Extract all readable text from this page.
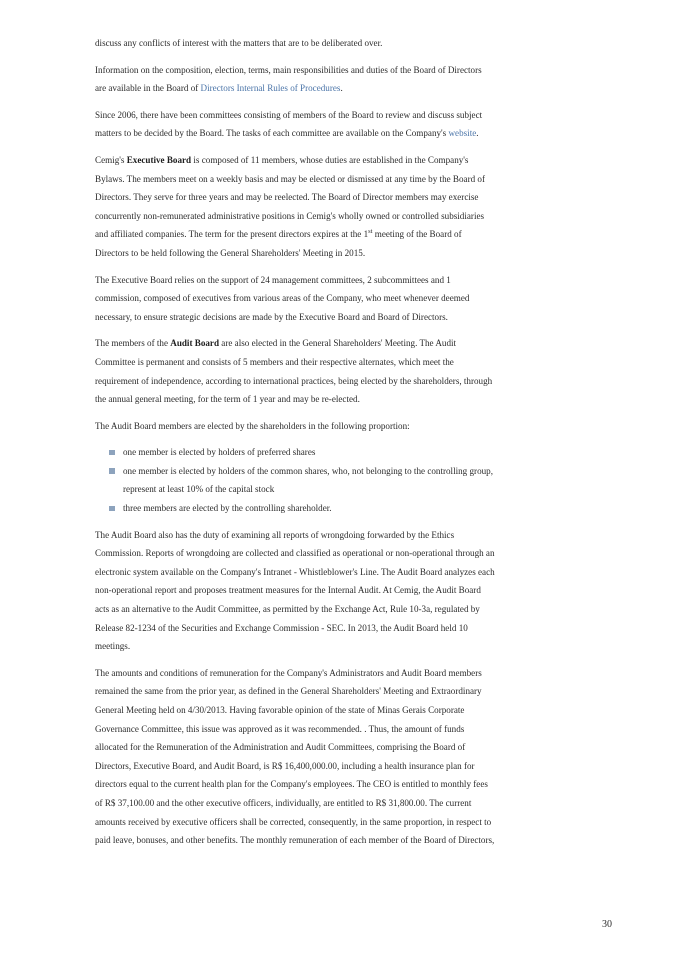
discuss any conflicts of interest with the matters that are to be deliberated over.

Information on the composition, election, terms, main responsibilities and duties of the Board of Directors are available in the Board of Directors Internal Rules of Procedures.

Since 2006, there have been committees consisting of members of the Board to review and discuss subject matters to be decided by the Board. The tasks of each committee are available on the Company's website.

Cemig's Executive Board is composed of 11 members, whose duties are established in the Company's Bylaws. The members meet on a weekly basis and may be elected or dismissed at any time by the Board of Directors. They serve for three years and may be reelected. The Board of Director members may exercise concurrently non-remunerated administrative positions in Cemig's wholly owned or controlled subsidiaries and affiliated companies. The term for the present directors expires at the 1st meeting of the Board of Directors to be held following the General Shareholders' Meeting in 2015.

The Executive Board relies on the support of 24 management committees, 2 subcommittees and 1 commission, composed of executives from various areas of the Company, who meet whenever deemed necessary, to ensure strategic decisions are made by the Executive Board and Board of Directors.

The members of the Audit Board are also elected in the General Shareholders' Meeting. The Audit Committee is permanent and consists of 5 members and their respective alternates, which meet the requirement of independence, according to international practices, being elected by the shareholders, through the annual general meeting, for the term of 1 year and may be re-elected.

The Audit Board members are elected by the shareholders in the following proportion:

one member is elected by holders of preferred shares
one member is elected by holders of the common shares, who, not belonging to the controlling group, represent at least 10% of the capital stock
three members are elected by the controlling shareholder.

The Audit Board also has the duty of examining all reports of wrongdoing forwarded by the Ethics Commission. Reports of wrongdoing are collected and classified as operational or non-operational through an electronic system available on the Company's Intranet - Whistleblower's Line. The Audit Board analyzes each non-operational report and proposes treatment measures for the Internal Audit. At Cemig, the Audit Board acts as an alternative to the Audit Committee, as permitted by the Exchange Act, Rule 10-3a, regulated by Release 82-1234 of the Securities and Exchange Commission - SEC. In 2013, the Audit Board held 10 meetings.

The amounts and conditions of remuneration for the Company's Administrators and Audit Board members remained the same from the prior year, as defined in the General Shareholders' Meeting and Extraordinary General Meeting held on 4/30/2013. Having favorable opinion of the state of Minas Gerais Corporate Governance Committee, this issue was approved as it was recommended. . Thus, the amount of funds allocated for the Remuneration of the Administration and Audit Committees, comprising the Board of Directors, Executive Board, and Audit Board, is R$ 16,400,000.00, including a health insurance plan for directors equal to the current health plan for the Company's employees. The CEO is entitled to monthly fees of R$ 37,100.00 and the other executive officers, individually, are entitled to R$ 31,800.00. The current amounts received by executive officers shall be corrected, consequently, in the same proportion, in respect to paid leave, bonuses, and other benefits. The monthly remuneration of each member of the Board of Directors,

30
